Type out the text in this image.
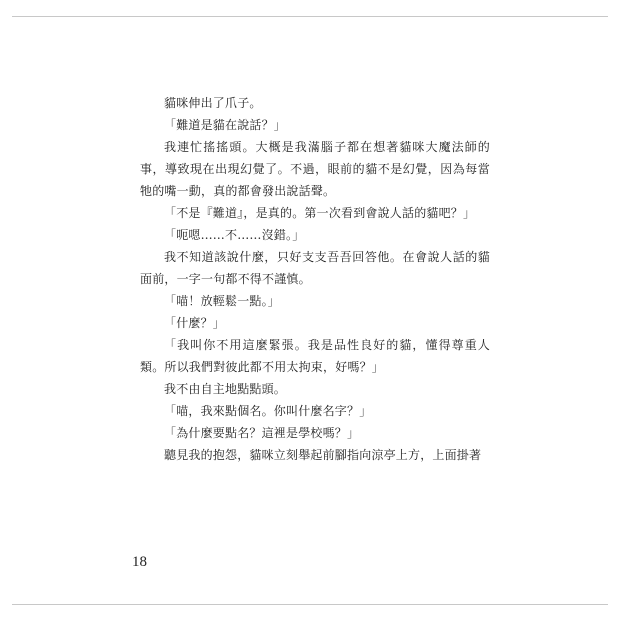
貓咪伸出了爪子。

「難道是貓在說話？」

我連忙搖搖頭。大概是我滿腦子都在想著貓咪大魔法師的事，導致現在出現幻覺了。不過，眼前的貓不是幻覺，因為每當牠的嘴一動，真的都會發出說話聲。

「不是『難道』，是真的。第一次看到會說人話的貓吧？」

「呃嗯……不……沒錯。」

我不知道該說什麼，只好支支吾吾回答他。在會說人話的貓面前，一字一句都不得不謹慎。

「喵！放輕鬆一點。」

「什麼？」

「我叫你不用這麼緊張。我是品性良好的貓，懂得尊重人類。所以我們對彼此都不用太拘束，好嗎？」

我不由自主地點點頭。

「喵，我來點個名。你叫什麼名字？」

「為什麼要點名？這裡是學校嗎？」

聽見我的抱怨，貓咪立刻舉起前腳指向涼亭上方，上面掛著

18
